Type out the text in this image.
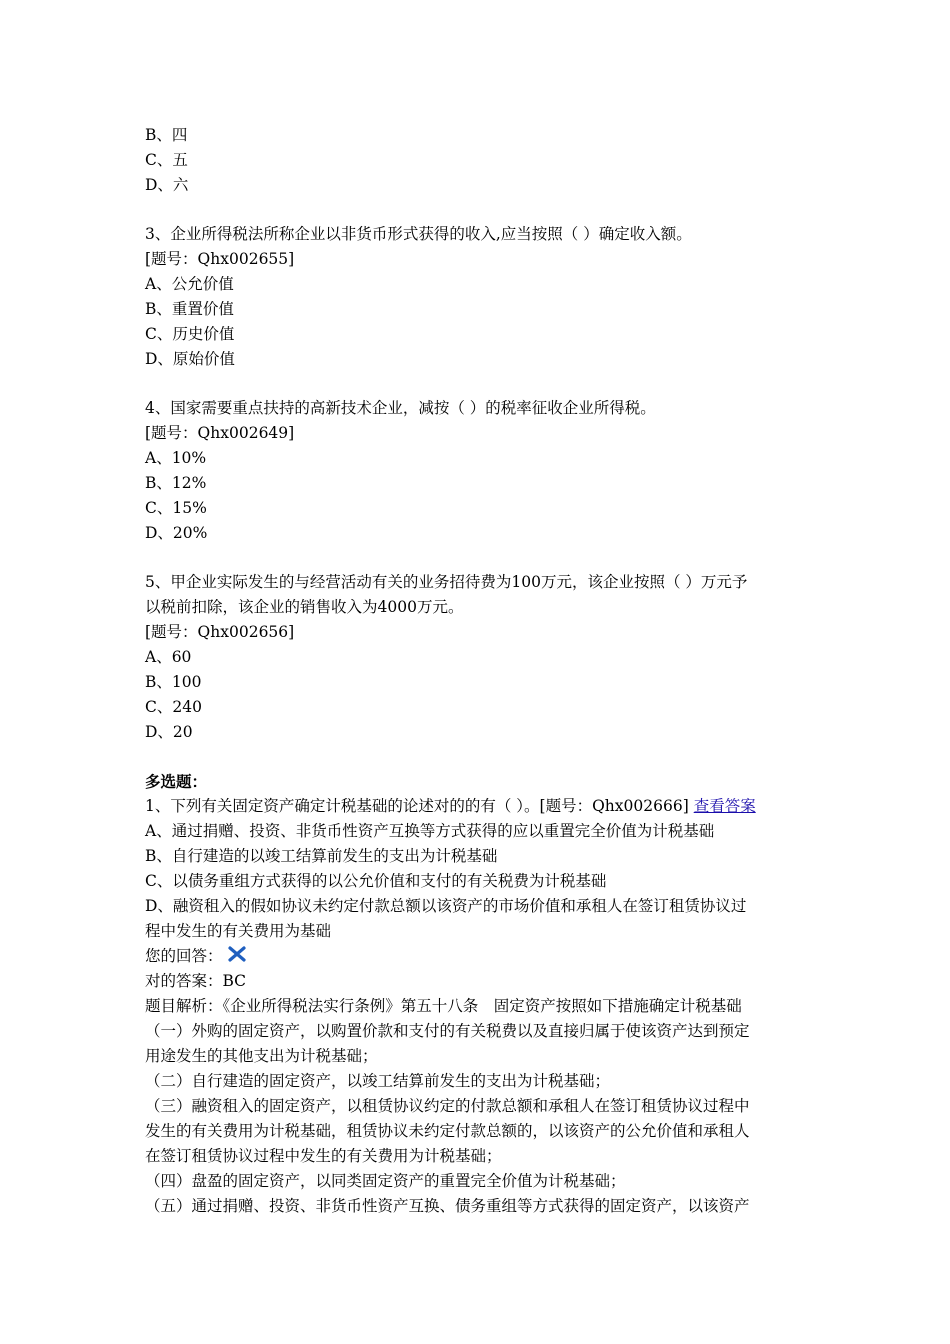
B、四
C、五
D、六
3、企业所得税法所称企业以非货币形式获得的收入,应当按照（ ）确定收入额。
[题号：Qhx002655]
A、公允价值
B、重置价值
C、历史价值
D、原始价值
4、国家需要重点扶持的高新技术企业，减按（ ）的税率征收企业所得税。
[题号：Qhx002649]
A、10%
B、12%
C、15%
D、20%
5、甲企业实际发生的与经营活动有关的业务招待费为100万元，该企业按照（ ）万元予
以税前扣除，该企业的销售收入为4000万元。
[题号：Qhx002656]
A、60
B、100
C、240
D、20
多选题：
1、下列有关固定资产确定计税基础的论述对的的有（ ）。[题号：Qhx002666] 查看答案
A、通过捐赠、投资、非货币性资产互换等方式获得的应以重置完全价值为计税基础
B、自行建造的以竣工结算前发生的支出为计税基础
C、以债务重组方式获得的以公允价值和支付的有关税费为计税基础
D、融资租入的假如协议未约定付款总额以该资产的市场价值和承租人在签订租赁协议过
程中发生的有关费用为基础
您的回答：
对的答案：BC
题目解析：《企业所得税法实行条例》第五十八条　固定资产按照如下措施确定计税基础
（一）外购的固定资产，以购置价款和支付的有关税费以及直接归属于使该资产达到预定
用途发生的其他支出为计税基础；
（二）自行建造的固定资产，以竣工结算前发生的支出为计税基础；
（三）融资租入的固定资产，以租赁协议约定的付款总额和承租人在签订租赁协议过程中
发生的有关费用为计税基础，租赁协议未约定付款总额的，以该资产的公允价值和承租人
在签订租赁协议过程中发生的有关费用为计税基础；
（四）盘盈的固定资产，以同类固定资产的重置完全价值为计税基础；
（五）通过捐赠、投资、非货币性资产互换、债务重组等方式获得的固定资产，以该资产
